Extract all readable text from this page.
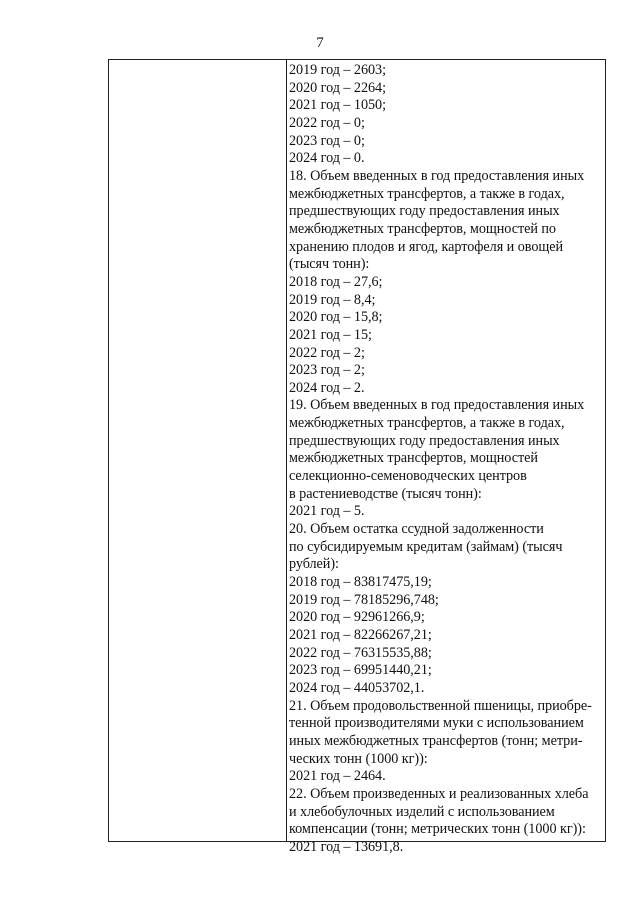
7
2019 год – 2603;
2020 год – 2264;
2021 год – 1050;
2022 год – 0;
2023 год – 0;
2024 год – 0.
18. Объем введенных в год предоставления иных
межбюджетных трансфертов, а также в годах,
предшествующих году предоставления иных
межбюджетных трансфертов, мощностей по
хранению плодов и ягод, картофеля и овощей
(тысяч тонн):
2018 год – 27,6;
2019 год – 8,4;
2020 год – 15,8;
2021 год – 15;
2022 год – 2;
2023 год – 2;
2024 год – 2.
19. Объем введенных в год предоставления иных
межбюджетных трансфертов, а также в годах,
предшествующих году предоставления иных
межбюджетных трансфертов, мощностей
селекционно-семеноводческих центров
в растениеводстве (тысяч тонн):
2021 год – 5.
20. Объем остатка ссудной задолженности
по субсидируемым кредитам (займам) (тысяч
рублей):
2018 год – 83817475,19;
2019 год – 78185296,748;
2020 год – 92961266,9;
2021 год – 82266267,21;
2022 год – 76315535,88;
2023 год – 69951440,21;
2024 год – 44053702,1.
21. Объем продовольственной пшеницы, приобре-
тенной производителями муки с использованием
иных межбюджетных трансфертов (тонн; метри-
ческих тонн (1000 кг)):
2021 год – 2464.
22. Объем произведенных и реализованных хлеба
и хлебобулочных изделий с использованием
компенсации (тонн; метрических тонн (1000 кг)):
2021 год – 13691,8.
